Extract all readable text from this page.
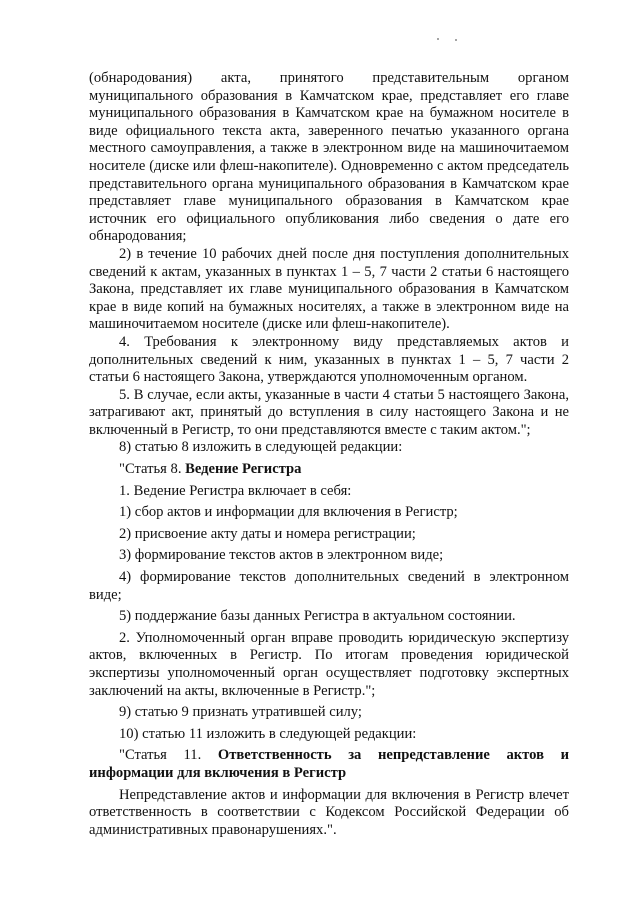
(обнародования) акта, принятого представительным органом муниципального образования в Камчатском крае, представляет его главе муниципального образования в Камчатском крае на бумажном носителе в виде официального текста акта, заверенного печатью указанного органа местного самоуправления, а также в электронном виде на машиночитаемом носителе (диске или флеш-накопителе). Одновременно с актом председатель представительного органа муниципального образования в Камчатском крае представляет главе муниципального образования в Камчатском крае источник его официального опубликования либо сведения о дате его обнародования;

2) в течение 10 рабочих дней после дня поступления дополнительных сведений к актам, указанных в пунктах 1 – 5, 7 части 2 статьи 6 настоящего Закона, представляет их главе муниципального образования в Камчатском крае в виде копий на бумажных носителях, а также в электронном виде на машиночитаемом носителе (диске или флеш-накопителе).

4. Требования к электронному виду представляемых актов и дополнительных сведений к ним, указанных в пунктах 1 – 5, 7 части 2 статьи 6 настоящего Закона, утверждаются уполномоченным органом.

5. В случае, если акты, указанные в части 4 статьи 5 настоящего Закона, затрагивают акт, принятый до вступления в силу настоящего Закона и не включенный в Регистр, то они представляются вместе с таким актом.";

8) статью 8 изложить в следующей редакции:

"Статья 8. Ведение Регистра

1. Ведение Регистра включает в себя:

1) сбор актов и информации для включения в Регистр;

2) присвоение акту даты и номера регистрации;

3) формирование текстов актов в электронном виде;

4) формирование текстов дополнительных сведений в электронном виде;

5) поддержание базы данных Регистра в актуальном состоянии.

2. Уполномоченный орган вправе проводить юридическую экспертизу актов, включенных в Регистр. По итогам проведения юридической экспертизы уполномоченный орган осуществляет подготовку экспертных заключений на акты, включенные в Регистр.";

9) статью 9 признать утратившей силу;

10) статью 11 изложить в следующей редакции:

"Статья 11. Ответственность за непредставление актов и информации для включения в Регистр

Непредставление актов и информации для включения в Регистр влечет ответственность в соответствии с Кодексом Российской Федерации об административных правонарушениях.".
